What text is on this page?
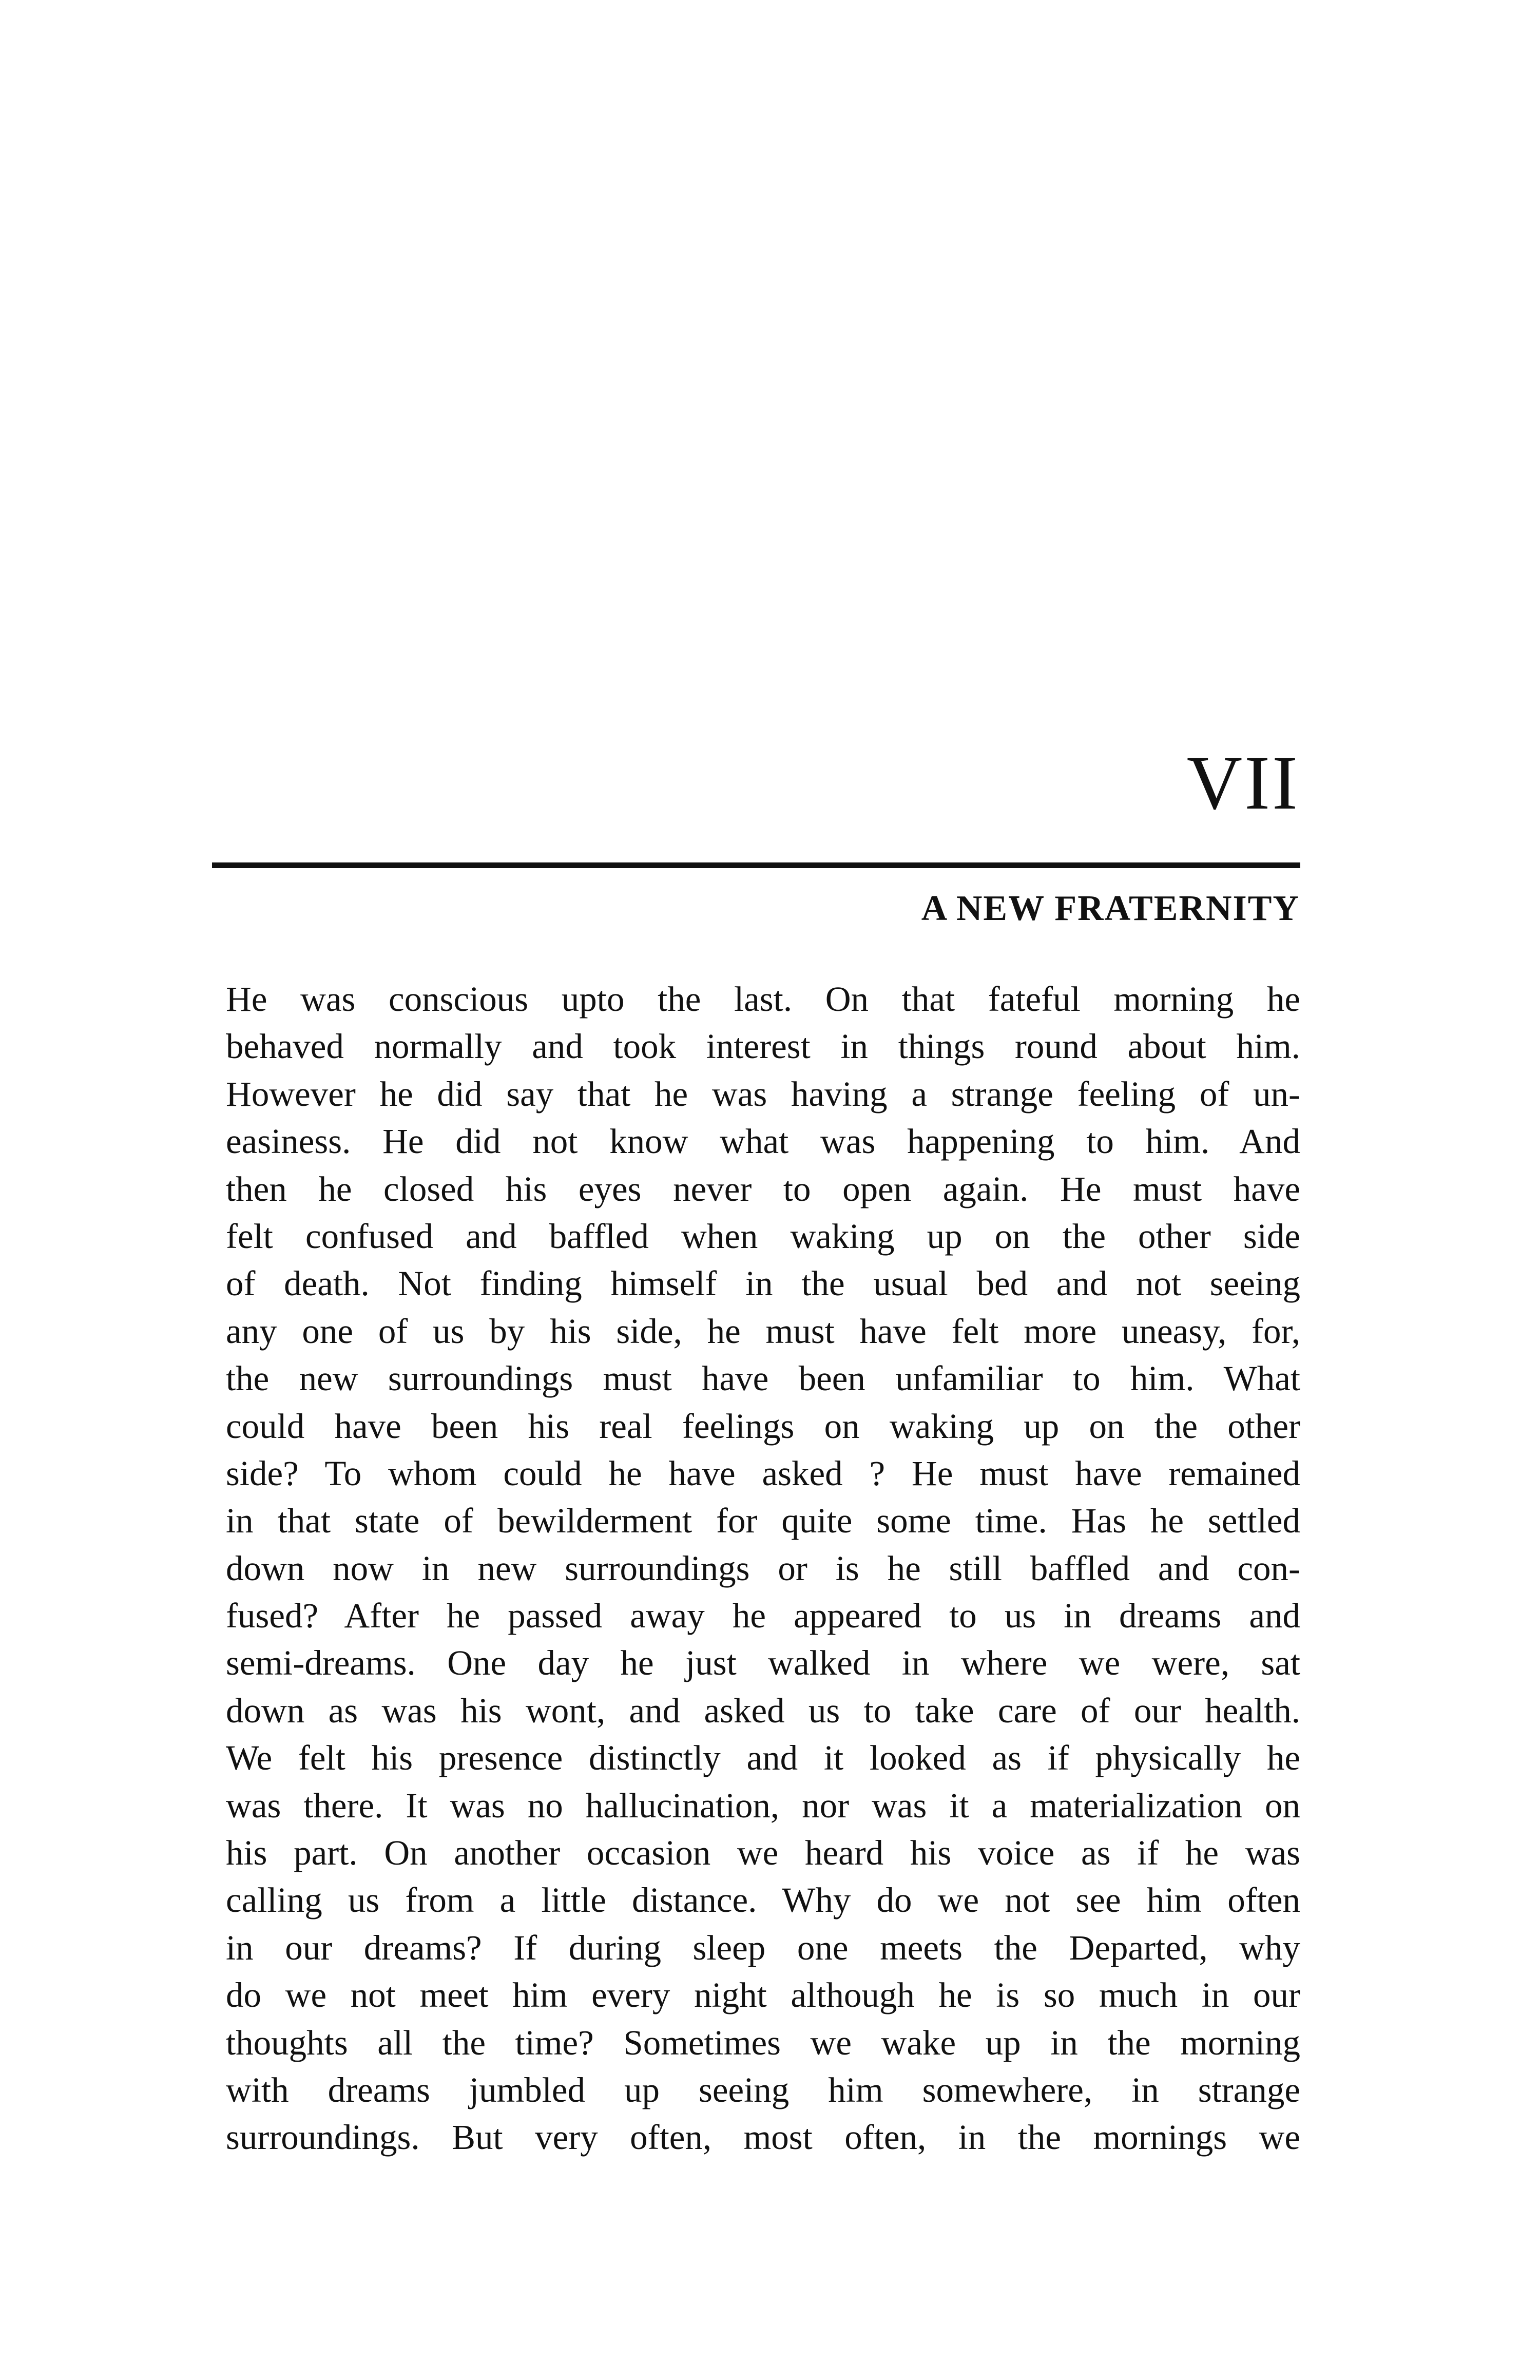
VII
A NEW FRATERNITY
He was conscious upto the last. On that fateful morning he
behaved normally and took interest in things round about him.
However he did say that he was having a strange feeling of un-
easiness. He did not know what was happening to him. And
then he closed his eyes never to open again. He must have
felt confused and baffled when waking up on the other side
of death. Not finding himself in the usual bed and not seeing
any one of us by his side, he must have felt more uneasy, for,
the new surroundings must have been unfamiliar to him. What
could have been his real feelings on waking up on the other
side? To whom could he have asked ? He must have remained
in that state of bewilderment for quite some time. Has he settled
down now in new surroundings or is he still baffled and con-
fused? After he passed away he appeared to us in dreams and
semi-dreams. One day he just walked in where we were, sat
down as was his wont, and asked us to take care of our health.
We felt his presence distinctly and it looked as if physically he
was there. It was no hallucination, nor was it a materialization on
his part. On another occasion we heard his voice as if he was
calling us from a little distance. Why do we not see him often
in our dreams? If during sleep one meets the Departed, why
do we not meet him every night although he is so much in our
thoughts all the time? Sometimes we wake up in the morning
with dreams jumbled up seeing him somewhere, in strange
surroundings. But very often, most often, in the mornings we
